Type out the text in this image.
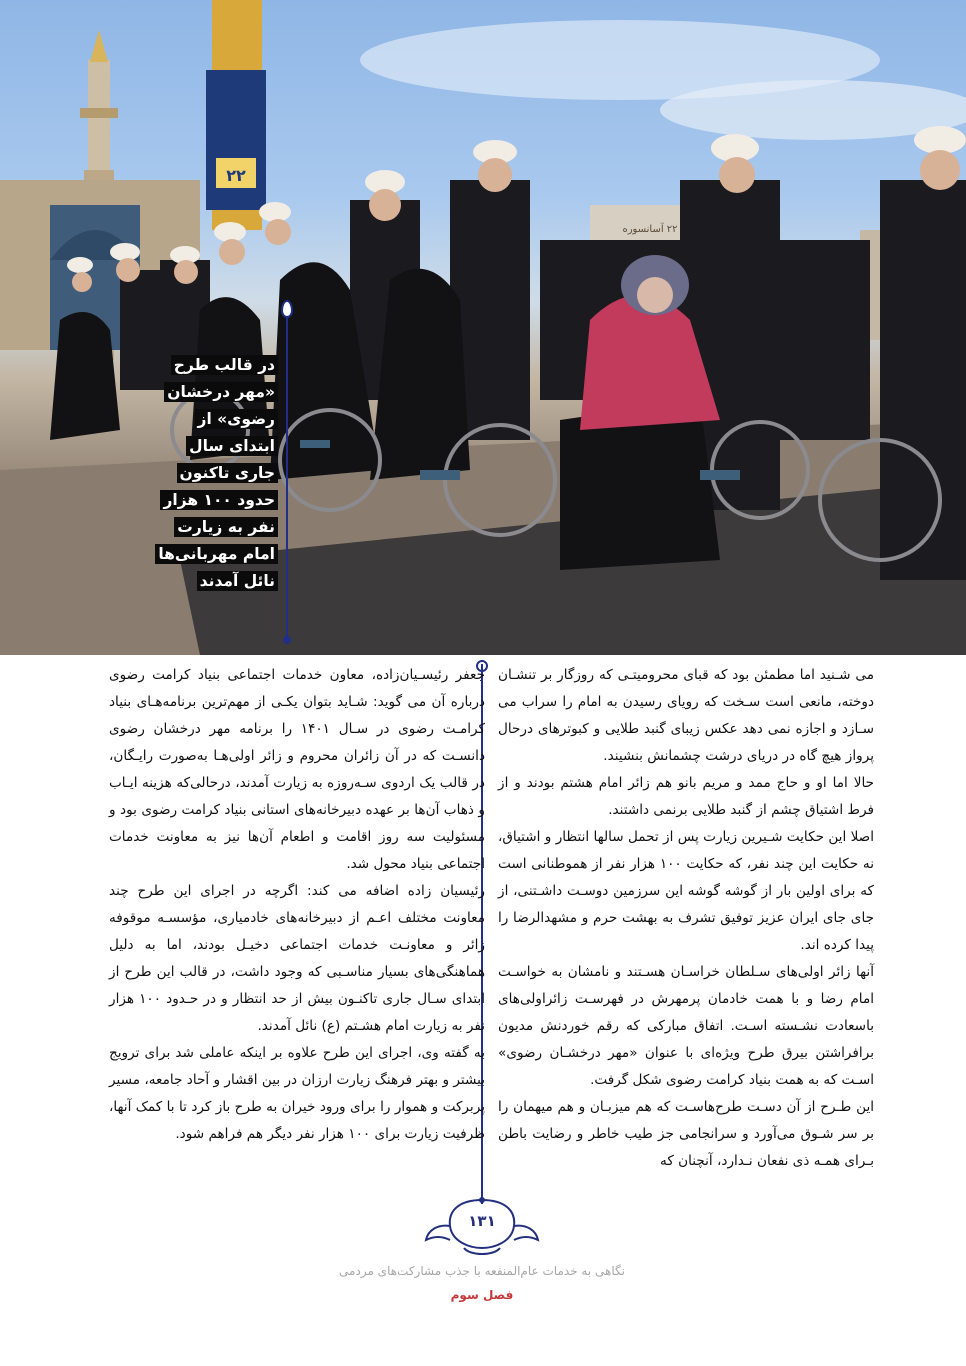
۲۲
۲۲ آسانسوره
در قالب طرح «مهر درخشان رضوی» از ابتدای سال جاری تاکنون حدود ۱۰۰ هزار نفر به زیارت امام مهربانی‌ها نائل آمدند

می شـنید اما مطمئن بود که قبای محرومیتـی که روزگار بر تنشـان دوخته، مانعی است سـخت که رویای رسیدن به امام را سراب می سـازد و اجازه نمی دهد عکس زیبای گنبد طلایی و کبوترهای درحال پرواز هیچ گاه در دریای درشت چشمانش بنشیند.

حالا اما او و حاج ممد و مریم بانو هم زائر امام هشتم بودند و از فرط اشتیاق چشم از گنبد طلایی برنمی داشتند.

اصلا این حکایت شـیرین زیارت پس از تحمل سالها انتظار و اشتیاق، نه حکایت این چند نفر، که حکایت ۱۰۰ هزار نفر از هموطنانی است که برای اولین بار از گوشه گوشه این سرزمین دوسـت داشـتنی، از جای جای ایران عزیز توفیق تشرف به بهشت حرم و مشهدالرضا را پیدا کرده اند.

آنها زائر اولی‌های سـلطان خراسـان هسـتند و نامشان به خواسـت امام رضا و با همت خادمان پرمهرش در فهرسـت زائراولی‌های باسعادت نشـسته اسـت. اتفاق مبارکی که رقم خوردنش مدیون برافراشتن بیرق طرح ویژه‌ای با عنوان «مهر درخشـان رضوی» اسـت که به همت بنیاد کرامت رضوی شکل گرفت.

این طـرح از آن دسـت طرح‌هاسـت که هم میزبـان و هم میهمان را بر سر شـوق می‌آورد و سرانجامی جز طیب خاطر و رضایت باطن بـرای همـه ذی نفعان نـدارد، آنچنان که

جعفر رئیسـیان‌زاده، معاون خدمات اجتماعی بنیاد کرامت رضوی درباره آن می گوید: شـاید بتوان یکـی از مهم‌ترین برنامه‌هـای بنیاد کرامـت رضوی در سـال ۱۴۰۱ را برنامه مهر درخشان رضوی دانسـت که در آن زائران محروم و زائر اولی‌هـا به‌صورت رایـگان، در قالب یک اردوی سـه‌روزه به زیارت آمدند، درحالی‌که هزینه ایـاب و ذهاب آن‌ها بر عهده دبیرخانه‌های استانی بنیاد کرامت رضوی بود و مسئولیت سه روز اقامت و اطعام آن‌ها نیز به معاونت خدمات اجتماعی بنیاد محول شد.

رئیسیان زاده اضافه می کند: اگرچه در اجرای این طرح چند معاونت مختلف اعـم از دبیرخانه‌های خادمیاری، مؤسسـه موقوفه زائر و معاونـت خدمات اجتماعی دخیـل بودند، اما به دلیل هماهنگی‌های بسیار مناسـبی که وجود داشت، در قالب این طرح از ابتدای سـال جاری تاکنـون بیش از حد انتظار و در حـدود ۱۰۰ هزار نفر به زیارت امام هشـتم (ع) نائل آمدند.

به گفته وی، اجرای این طرح علاوه بر اینکه عاملی شد برای ترویج بیشتر و بهتر فرهنگ زیارت ارزان در بین اقشار و آحاد جامعه، مسیر پربرکت و هموار را برای ورود خیران به طرح باز کرد تا با کمک آنها، ظرفیت زیارت برای ۱۰۰ هزار نفر دیگر هم فراهم شود.

۱۳۱
نگاهی به خدمات عام‌المنفعه با جذب مشارکت‌های مردمی
فصل سوم
